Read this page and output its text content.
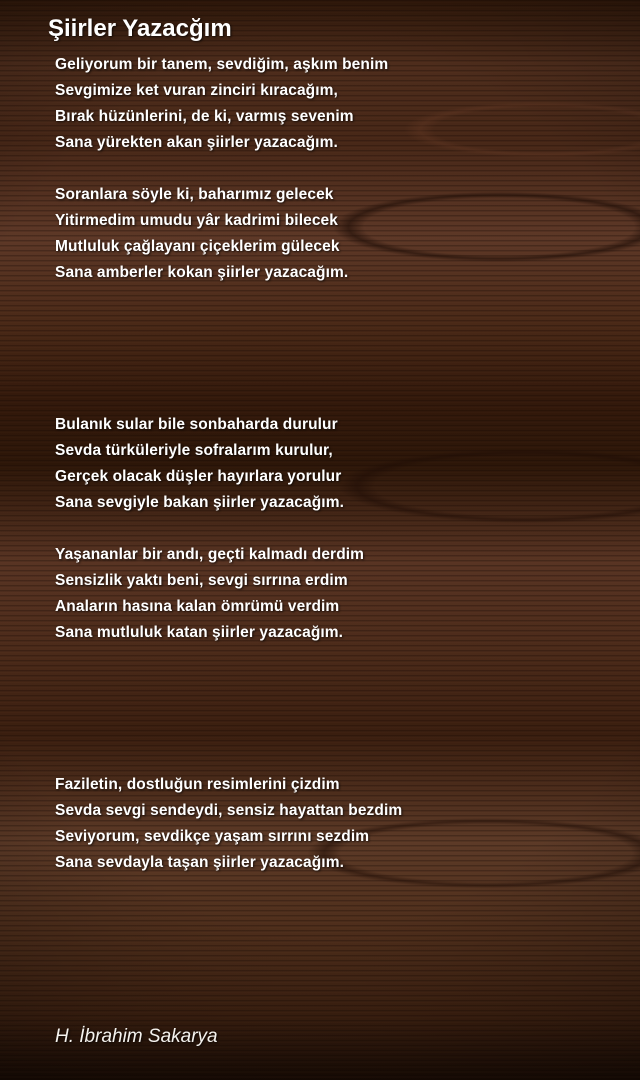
Şiirler Yazacğım
Geliyorum bir tanem, sevdiğim, aşkım benim
Sevgimize ket vuran zinciri kıracağım,
Bırak hüzünlerini, de ki, varmış sevenim
Sana yürekten akan şiirler yazacağım.
Soranlara söyle ki, baharımız gelecek
Yitirmedim umudu yâr kadrimi bilecek
Mutluluk çağlayanı çiçeklerim gülecek
Sana amberler kokan şiirler yazacağım.
Bulanık sular bile sonbaharda durulur
Sevda türküleriyle sofralarım kurulur,
Gerçek olacak düşler hayırlara yorulur
Sana sevgiyle bakan şiirler yazacağım.
Yaşananlar bir andı, geçti kalmadı derdim
Sensizlik yaktı beni, sevgi sırrına erdim
Anaların hasına kalan ömrümü verdim
Sana mutluluk katan şiirler yazacağım.
Faziletin, dostluğun resimlerini çizdim
Sevda sevgi sendeydi, sensiz hayattan bezdim
Seviyorum, sevdikçe yaşam sırrını sezdim
Sana sevdayla taşan şiirler yazacağım.
H. İbrahim Sakarya
